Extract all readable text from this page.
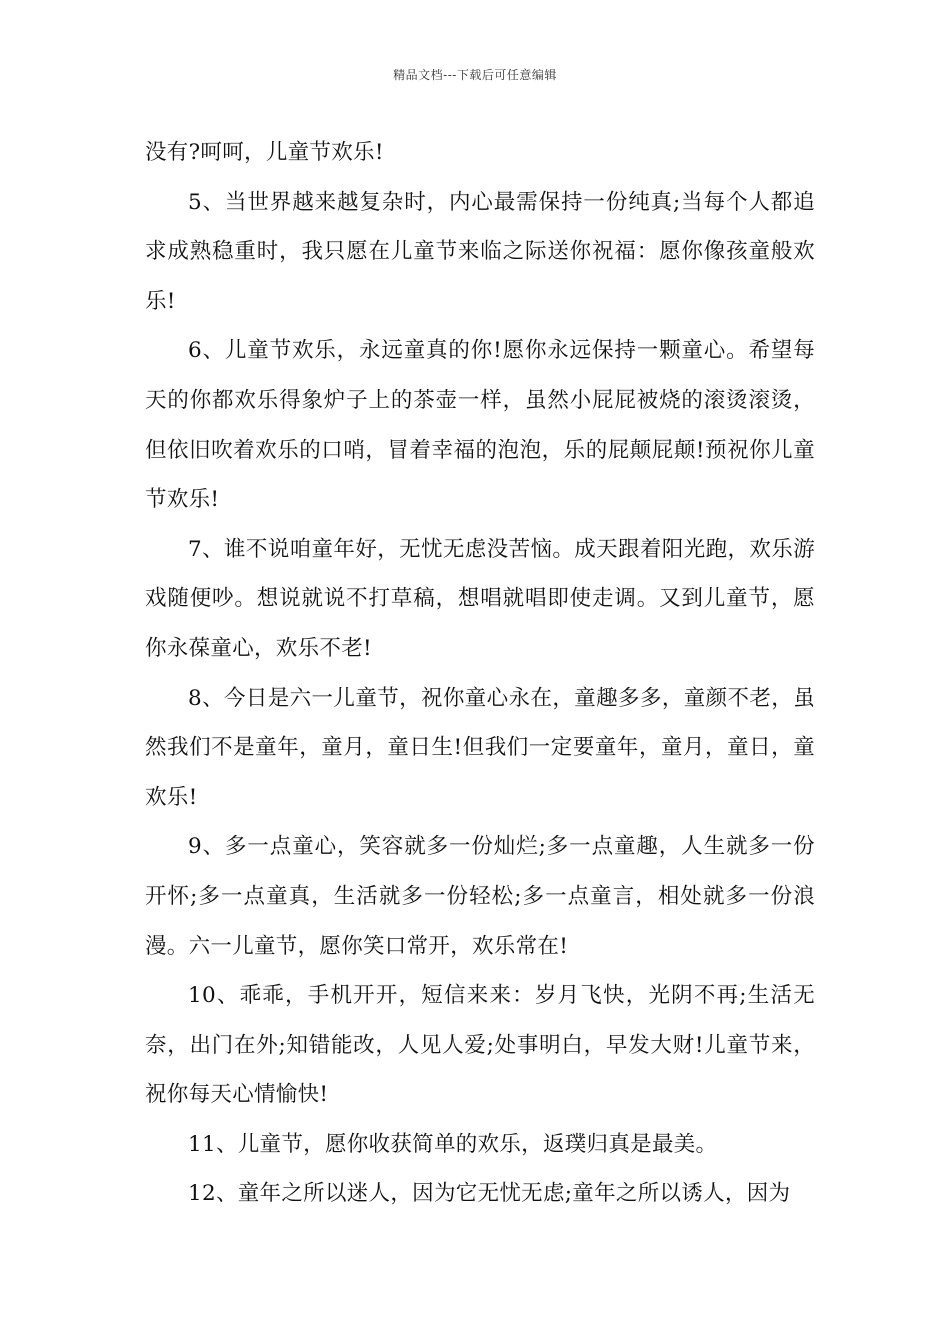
精品文档---下载后可任意编辑

没有?呵呵，儿童节欢乐!

5、当世界越来越复杂时，内心最需保持一份纯真;当每个人都追求成熟稳重时，我只愿在儿童节来临之际送你祝福：愿你像孩童般欢乐!

6、儿童节欢乐，永远童真的你!愿你永远保持一颗童心。希望每天的你都欢乐得象炉子上的茶壶一样，虽然小屁屁被烧的滚烫滚烫，但依旧吹着欢乐的口哨，冒着幸福的泡泡，乐的屁颠屁颠!预祝你儿童节欢乐!

7、谁不说咱童年好，无忧无虑没苦恼。成天跟着阳光跑，欢乐游戏随便吵。想说就说不打草稿，想唱就唱即使走调。又到儿童节，愿你永葆童心，欢乐不老!

8、今日是六一儿童节，祝你童心永在，童趣多多，童颜不老，虽然我们不是童年，童月，童日生!但我们一定要童年，童月，童日，童欢乐!

9、多一点童心，笑容就多一份灿烂;多一点童趣，人生就多一份开怀;多一点童真，生活就多一份轻松;多一点童言，相处就多一份浪漫。六一儿童节，愿你笑口常开，欢乐常在!

10、乖乖，手机开开，短信来来：岁月飞快，光阴不再;生活无奈，出门在外;知错能改，人见人爱;处事明白，早发大财!儿童节来，祝你每天心情愉快!

11、儿童节，愿你收获简单的欢乐，返璞归真是最美。

12、童年之所以迷人，因为它无忧无虑;童年之所以诱人，因为
